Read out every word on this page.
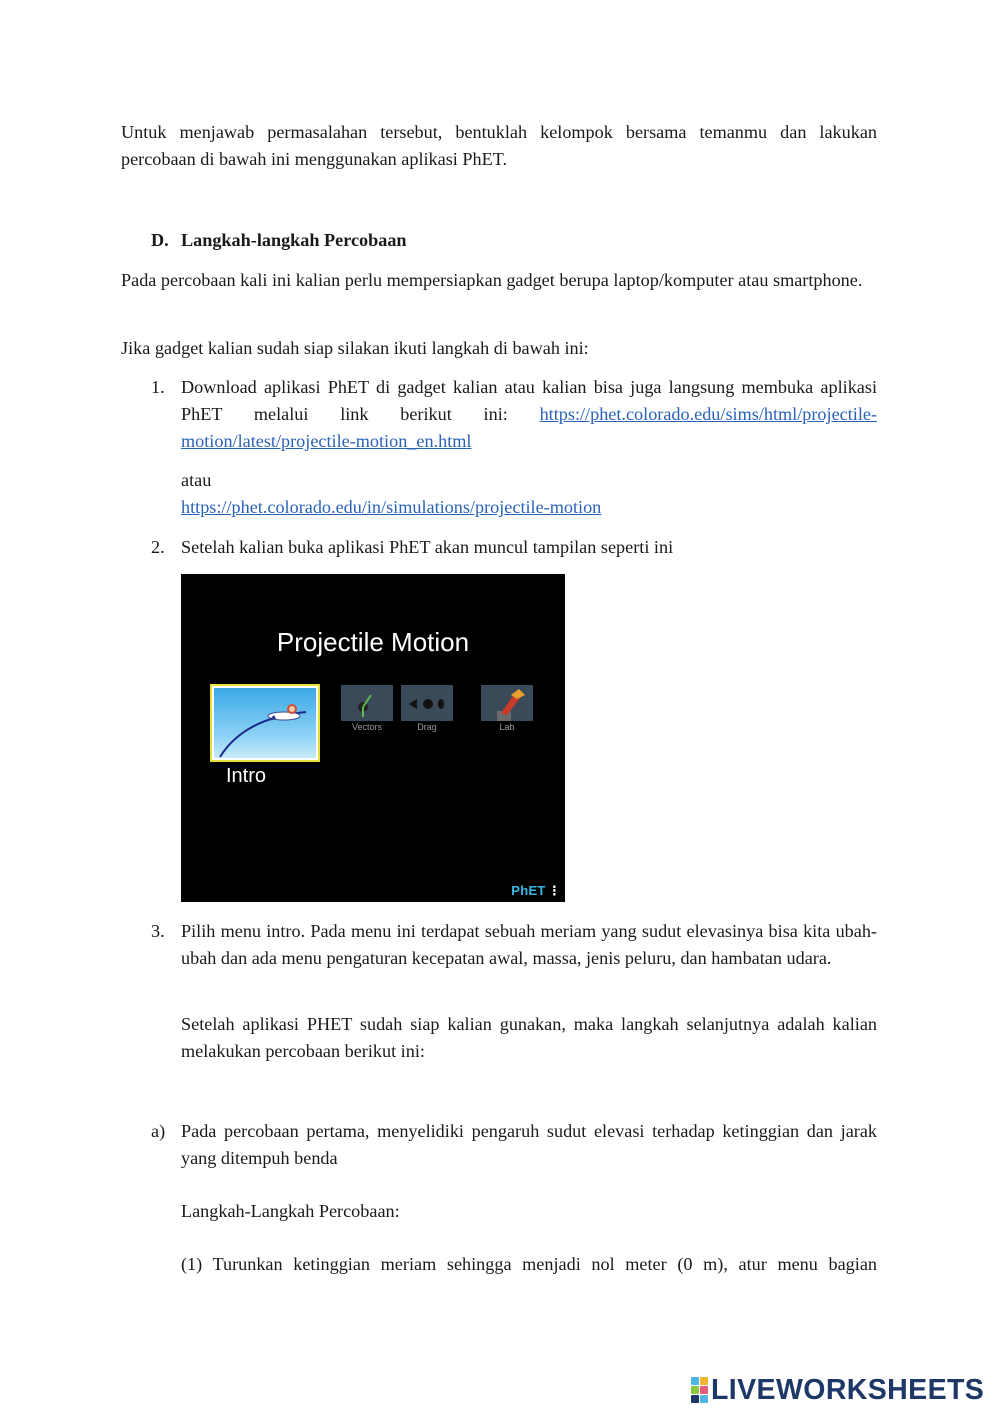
Untuk menjawab permasalahan tersebut, bentuklah kelompok bersama temanmu dan lakukan percobaan di bawah ini menggunakan aplikasi PhET.

D. Langkah-langkah Percobaan

Pada percobaan kali ini kalian perlu mempersiapkan gadget berupa laptop/komputer atau smartphone.

Jika gadget kalian sudah siap silakan ikuti langkah di bawah ini:

1. Download aplikasi PhET di gadget kalian atau kalian bisa juga langsung membuka aplikasi PhET melalui link berikut ini: https://phet.colorado.edu/sims/html/projectile-motion/latest/projectile-motion_en.html

atau
https://phet.colorado.edu/in/simulations/projectile-motion
2. Setelah kalian buka aplikasi PhET akan muncul tampilan seperti ini
Projectile Motion
Intro
Vectors	Drag	Lab
PhET ⋮
3. Pilih menu intro. Pada menu ini terdapat sebuah meriam yang sudut elevasinya bisa kita ubah-ubah dan ada menu pengaturan kecepatan awal, massa, jenis peluru, dan hambatan udara.

Setelah aplikasi PHET sudah siap kalian gunakan, maka langkah selanjutnya adalah kalian melakukan percobaan berikut ini:

a) Pada percobaan pertama, menyelidiki pengaruh sudut elevasi terhadap ketinggian dan jarak yang ditempuh benda

Langkah-Langkah Percobaan:
(1) Turunkan ketinggian meriam sehingga menjadi nol meter (0 m), atur menu bagian
LIVEWORKSHEETS
